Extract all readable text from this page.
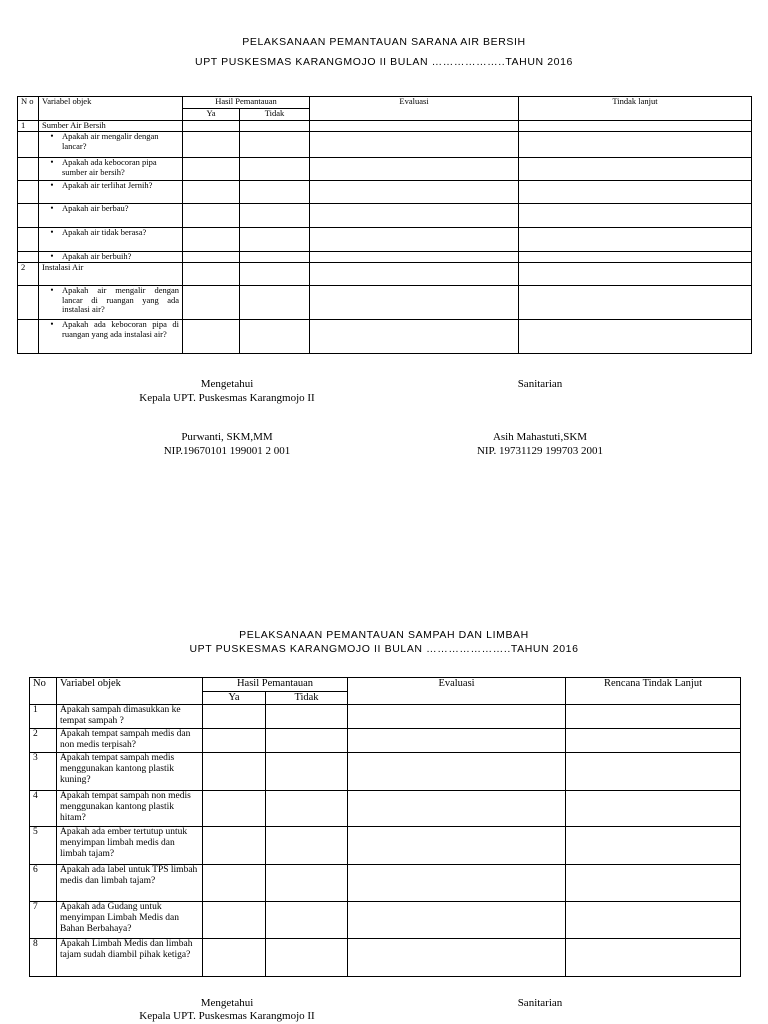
PELAKSANAAN PEMANTAUAN SARANA AIR BERSIH
UPT PUSKESMAS KARANGMOJO II BULAN ………………..TAHUN 2016
N o	Variabel objek	Hasil Pemantauan		Evaluasi	Tindak lanjut
		Ya	Tidak		
1	Sumber Air Bersih				

	• Apakah air mengalir dengan lancar?				

	• Apakah ada kebocoran pipa sumber air bersih?				

	• Apakah air terlihat Jernih?				

	• Apakah air berbau?				

	• Apakah air tidak berasa?				

	• Apakah air berbuih?				

2	Instalasi Air				

	• Apakah air mengalir dengan lancar di ruangan yang ada instalasi air?				

	• Apakah ada kebocoran pipa di ruangan yang ada instalasi air?				

Mengetahui
Kepala UPT. Puskesmas Karangmojo II
Sanitarian
Purwanti, SKM,MM
NIP.19670101 199001 2 001
Asih Mahastuti,SKM
NIP. 19731129 199703 2001
PELAKSANAAN PEMANTAUAN SAMPAH DAN LIMBAH
UPT PUSKESMAS KARANGMOJO II BULAN …………………..TAHUN 2016
No	Variabel objek	Hasil Pemantauan		Evaluasi	Rencana Tindak Lanjut
		Ya	Tidak		
1	Apakah sampah dimasukkan ke tempat sampah ?				
2	Apakah tempat sampah medis dan non medis terpisah?				
3	Apakah tempat sampah medis menggunakan kantong plastik kuning?				
4	Apakah tempat sampah non medis menggunakan kantong plastik hitam?				
5	Apakah ada ember tertutup untuk menyimpan limbah medis dan limbah tajam?				
6	Apakah ada label untuk TPS limbah medis dan limbah tajam?				
7	Apakah ada Gudang untuk menyimpan Limbah Medis dan Bahan Berbahaya?				
8	Apakah Limbah Medis dan limbah tajam sudah diambil pihak ketiga?				
Mengetahui
Kepala UPT. Puskesmas Karangmojo II
Sanitarian
